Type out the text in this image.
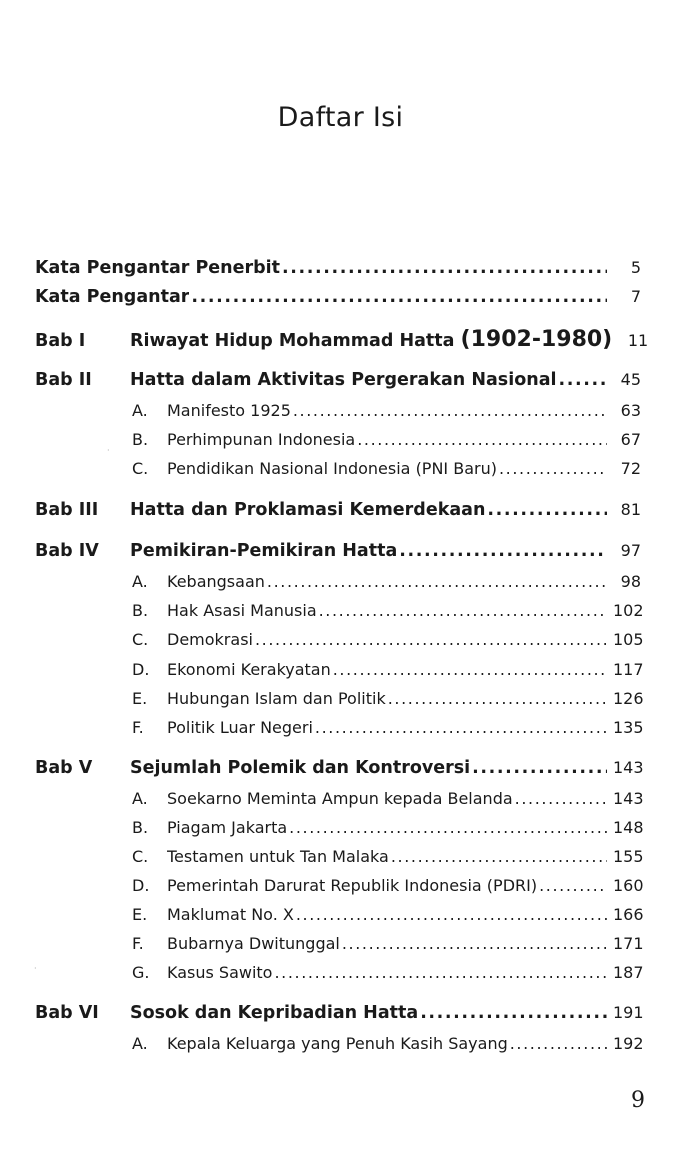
Daftar Isi
Kata Pengantar Penerbit .....	5
Kata Pengantar .....	7
Bab I	Riwayat Hidup Mohammad Hatta (1902-1980) 11
Bab II	Hatta dalam Aktivitas Pergerakan Nasional .....	45
A.	Manifesto 1925 .....	63
B.	Perhimpunan Indonesia .....	67
C.	Pendidikan Nasional Indonesia (PNI Baru) .....	72
Bab III	Hatta dan Proklamasi Kemerdekaan .....	81
Bab IV	Pemikiran-Pemikiran Hatta .....	97
A.	Kebangsaan .....	98
B.	Hak Asasi Manusia .....	102
C.	Demokrasi .....	105
D.	Ekonomi Kerakyatan .....	117
E.	Hubungan Islam dan Politik .....	126
F.	Politik Luar Negeri .....	135
Bab V	Sejumlah Polemik dan Kontroversi .....	143
A.	Soekarno Meminta Ampun kepada Belanda .....	143
B.	Piagam Jakarta .....	148
C.	Testamen untuk Tan Malaka .....	155
D.	Pemerintah Darurat Republik Indonesia (PDRI) .....	160
E.	Maklumat No. X .....	166
F.	Bubarnya Dwitunggal .....	171
G.	Kasus Sawito .....	187
Bab VI	Sosok dan Kepribadian Hatta .....	191
A.	Kepala Keluarga yang Penuh Kasih Sayang .....	192
9
·
·
